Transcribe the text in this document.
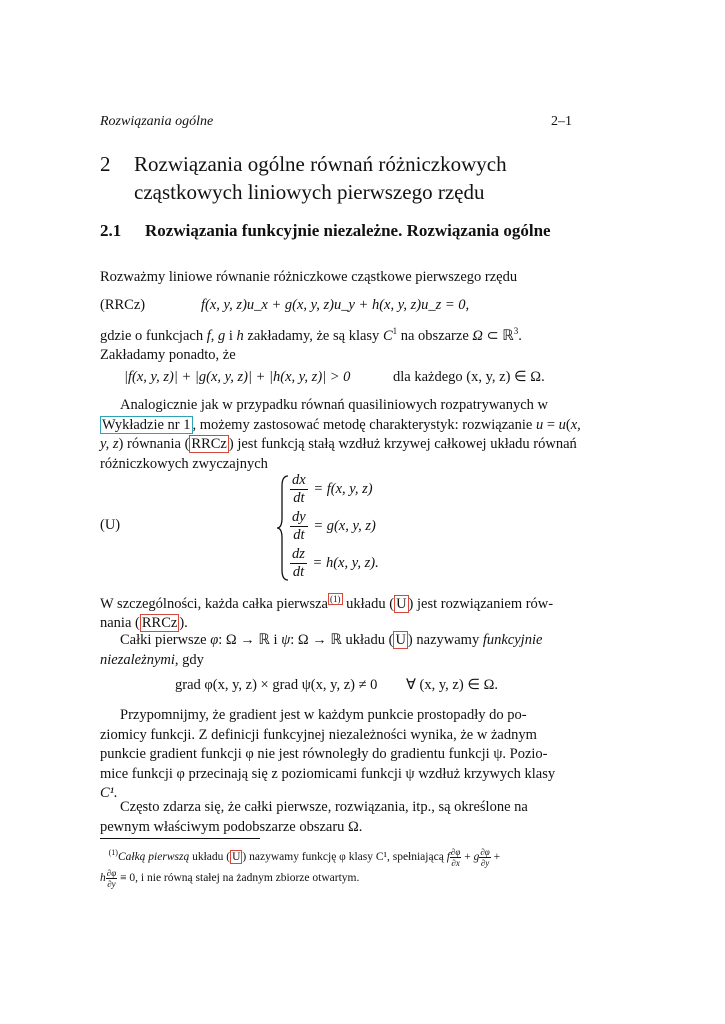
Rozwiązania ogólne	2–1
2 Rozwiązania ogólne równań różniczkowych cząstkowych liniowych pierwszego rzędu
2.1 Rozwiązania funkcyjnie niezależne. Rozwiązania ogólne
Rozważmy liniowe równanie różniczkowe cząstkowe pierwszego rzędu
(RRCz)	f(x, y, z)u_x + g(x, y, z)u_y + h(x, y, z)u_z = 0,
gdzie o funkcjach f, g i h zakładamy, że są klasy $C^1$ na obszarze Ω ⊂ ℝ$^3$.
Zakładamy ponadto, że
|f(x, y, z)| + |g(x, y, z)| + |h(x, y, z)| > 0	dla każdego (x, y, z) ∈ Ω.
Analogicznie jak w przypadku równań quasiliniowych rozpatrywanych w Wykładzie nr 1 , możemy zastosować metodę charakterystyk: rozwiązanie u = u(x, y, z) równania ( RRCz ) jest funkcją stałą wzdłuż krzywej całkowej układu równań różniczkowych zwyczajnych
(U)
$\frac{dx}{dt} = f(x$, y, z)
$\frac{dy}{dt} = g(x$, y, z)
$\frac{dz}{dt} = h(x$, y, z).
W szczególności, każda całka pierwsza $^{(1)}$ układu ( U ) jest rozwiązaniem rów-
nania ( RRCz ).
Całki pierwsze φ: Ω → ℝ i ψ: Ω → ℝ układu ( U ) nazywamy funkcyjnie
niezależnymi, gdy
grad φ(x, y, z) × grad ψ(x, y, z) ≠ 0 ∀ (x, y, z) ∈ Ω.
Przypomnijmy, że gradient jest w każdym punkcie prostopadły do po-
ziomicy funkcji. Z definicji funkcyjnej niezależności wynika, że w żadnym
punkcie gradient funkcji φ nie jest równoległy do gradientu funkcji ψ. Pozio-
mice funkcji φ przecinają się z poziomicami funkcji ψ wzdłuż krzywych klasy
C¹.
Często zdarza się, że całki pierwsze, rozwiązania, itp., są określone na
pewnym właściwym podobszarze obszaru Ω.
$^{(1)}$Całką pierwszą układu ( U ) nazywamy funkcję φ klasy C¹, spełniającą f $\frac{\partial\varphi}{\partial x} + g \frac{\partial\varphi}{\partial y}$ +
h $\frac{\partial\varphi}{\partial y} \equiv 0$, i nie równą stałej na żadnym zbiorze otwartym.
